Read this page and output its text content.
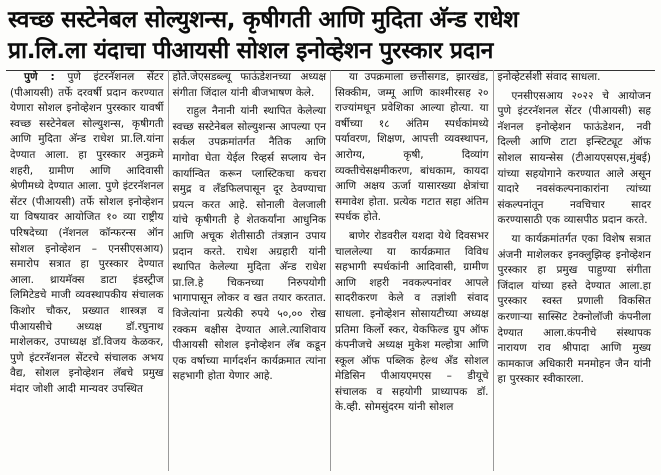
स्वच्छ सस्टेनेबल सोल्युशन्स, कृषीगती आणि मुदिता अ‍ॅन्ड राधेश
प्रा.लि.ला यंदाचा पीआयसी सोशल इनोव्हेशन पुरस्कार प्रदान

पुणे : पुणे इंटरनॅशनल सेंटर (पीआयसी) तर्फे दरवर्षी प्रदान करण्यात येणारा सोशल इनोव्हेशन पुरस्कार यावर्षी स्वच्छ सस्टेनेबल सोल्युशन्स, कृषीगती आणि मुदिता अ‍ॅन्ड राधेश प्रा.लि.यांना देण्यात आला. हा पुरस्कार अनुक्रमे शहरी, ग्रामीण आणि आदिवासी श्रेणीमध्ये देण्यात आला. पुणे इंटरनॅशनल सेंटर (पीआयसी) तर्फे सोशल इनोव्हेशन या विषयावर आयोजित १० व्या राष्ट्रीय परिषदेच्या (नॅशनल कॉन्फरन्स ऑन सोशल इनोव्हेशन – एनसीएसआय) समारोप सत्रात हा पुरस्कार देण्यात आला. थ्रायमॅक्स डाटा इंडस्ट्रीज लिमिटेडचे माजी व्यवस्थापकीय संचालक किशोर चौकर, प्रख्यात शास्त्रज्ञ व पीआयसीचे अध्यक्ष डॉ.रघुनाथ माशेलकर, उपाध्यक्ष डॉ.विजय केळकर, पुणे इंटरनॅशनल सेंटरचे संचालक अभय वैद्य, सोशल इनोव्हेशन लॅबचे प्रमुख मंदार जोशी आदी मान्यवर उपस्थित

होते.जेएसडब्ल्यू फाऊंडेशनच्या अध्यक्ष संगीता जिंदाल यांनी बीजभाषण केले.

राहुल नैनानी यांनी स्थापित केलेल्या स्वच्छ सस्टेनेबल सोल्युशन्स आपल्या एन सर्कल उपक्रमांतर्गत नैतिक आणि मागोवा घेता येईल रिव्हर्स सप्लाय चेन कार्यान्वित करून प्लास्टिकचा कचरा समुद्र व लँडफिलपासून दूर ठेवण्याचा प्रयत्न करत आहे. सोनाली वेलजाली यांचे कृषीगती हे शेतकर्यांना आधुनिक आणि अचूक शेतीसाठी तंत्रज्ञान उपाय प्रदान करते. राधेश अग्रहारी यांनी स्थापित केलेल्या मुदिता अ‍ॅन्ड राधेश प्रा.लि.हे चिकनच्या निरुपयोगी भागापासून लोकर व खत तयार करतात. विजेत्यांना प्रत्येकी रुपये ५०,०० रोख रक्कम बक्षीस देण्यात आले.त्याशिवाय पीआयसी सोशल इनोव्हेशन लॅब कडून एक वर्षाच्या मार्गदर्शन कार्यक्रमात त्यांना सहभागी होता येणार आहे.

या उपक्रमाला छत्तीसगड, झारखंड, सिक्कीम, जम्मू आणि काश्मीरसह २० राज्यांमधून प्रवेशिका आल्या होत्या. या वर्षीच्या १८ अंतिम स्पर्धकांमध्ये पर्यावरण, शिक्षण, आपत्ती व्यवस्थापन, आरोग्य, कृषी, दिव्यांग व्यक्तीचेसक्षमीकरण, बांधकाम, कायदा आणि अक्षय ऊर्जा यासारख्या क्षेत्रांचा समावेश होता. प्रत्येक गटात सहा अंतिम स्पर्धक होते.

बाणेर रोडवरील यशदा येथे दिवसभर चाललेल्या या कार्यक्रमात विविध सहभागी स्पर्धकांनी आदिवासी, ग्रामीण आणि शहरी नवकल्पनांवर आपले सादरीकरण केले व तज्ञांशी संवाद साधला. इनोव्हेशन सोसायटीच्या अध्यक्ष प्रतिमा किर्लो स्कर, येकफिल्ड ग्रुप ऑफ कंपनीजचे अध्यक्ष मुकेश मल्होत्रा आणि स्कूल ऑफ पब्लिक हेल्थ अँड सोशल मेडिसिन पीआयएमएस – डीयूचे संचालक व सहयोगी प्राध्यापक डॉ. के.व्ही. सोमसुंदरम यांनी सोशल

इनोव्हेटर्सशी संवाद साधला.

एनसीएसआय २०२२ चे आयोजन पुणे इंटरनॅशनल सेंटर (पीआयसी) सह नॅशनल इनोव्हेशन फाऊंडेशन, नवी दिल्ली आणि टाटा इन्स्टिट्यूट ऑफ सोशल सायन्सेस (टीआयएसएस,मुंबई) यांच्या सहयोगाने करण्यात आले असून यादारे नवसंकल्पनाकारांना त्यांच्या संकल्पनांतून नवचिचार सादर करण्यासाठी एक व्यासपीठ प्रदान करते.

या कार्यक्रमांतर्गत एका विशेष सत्रात अंजनी माशेलकर इनक्लुझिव्ह इनोव्हेशन पुरस्कार हा प्रमुख पाहुण्या संगीता जिंदाल यांच्या हस्ते देण्यात आला.हा पुरस्कार स्वस्त प्रणाली विकसित करणाऱ्या सास्सिट टेक्नोलॉजी कंपनीला देण्यात आला.कंपनीचे संस्थापक नारायण राव श्रीपादा आणि मुख्य कामकाज अधिकारी मनमोहन जैन यांनी हा पुरस्कार स्वीकारला.
